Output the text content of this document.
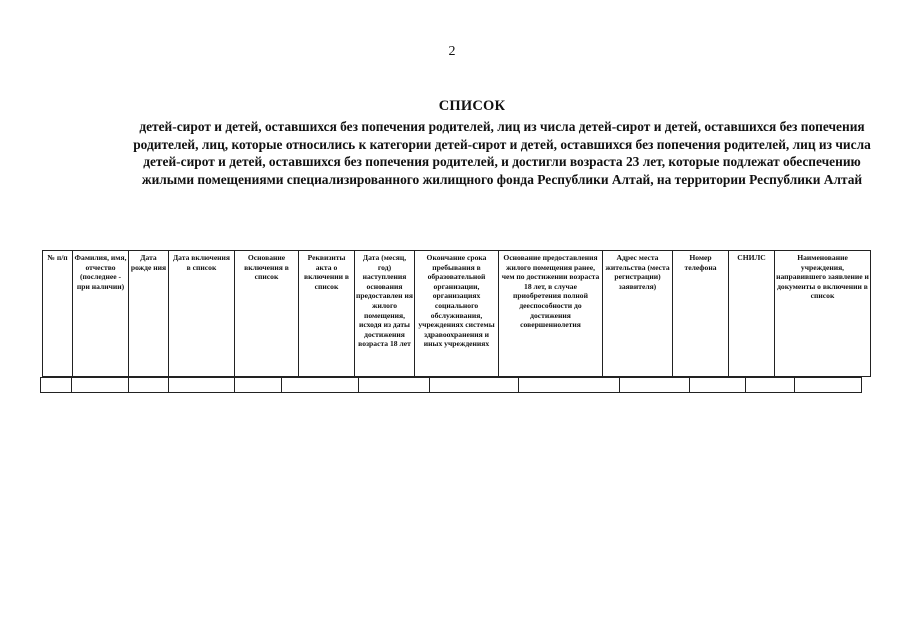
2
СПИСОК
детей-сирот и детей, оставшихся без попечения родителей, лиц из числа детей-сирот и детей, оставшихся без попечения родителей, лиц, которые относились к категории детей-сирот и детей, оставшихся без попечения родителей, лиц из числа детей-сирот и детей, оставшихся без попечения родителей, и достигли возраста 23 лет, которые подлежат обеспечению жилыми помещениями специализированного жилищного фонда Республики Алтай, на территории Республики Алтай
№ п/п	Фамилия, имя, отчество (последнее - при наличии)	Дата рожде ния	Дата включения в список	Основание включения в список	Реквизиты акта о включении в список	Дата (месяц, год) наступления основания предоставлен ия жилого помещения, исходя из даты достижения возраста 18 лет	Окончание срока пребывания в образовательной организации, организациях социального обслуживания, учреждениях системы здравоохранения и иных учреждениях	Основание предоставления жилого помещения ранее, чем по достижении возраста 18 лет, в случае приобретения полной дееспособности до достижения совершеннолетия	Адрес места жительства (места регистрации) заявителя)	Номер телефона	СНИЛС	Наименование учреждения, направившего заявление и документы о включении в список
